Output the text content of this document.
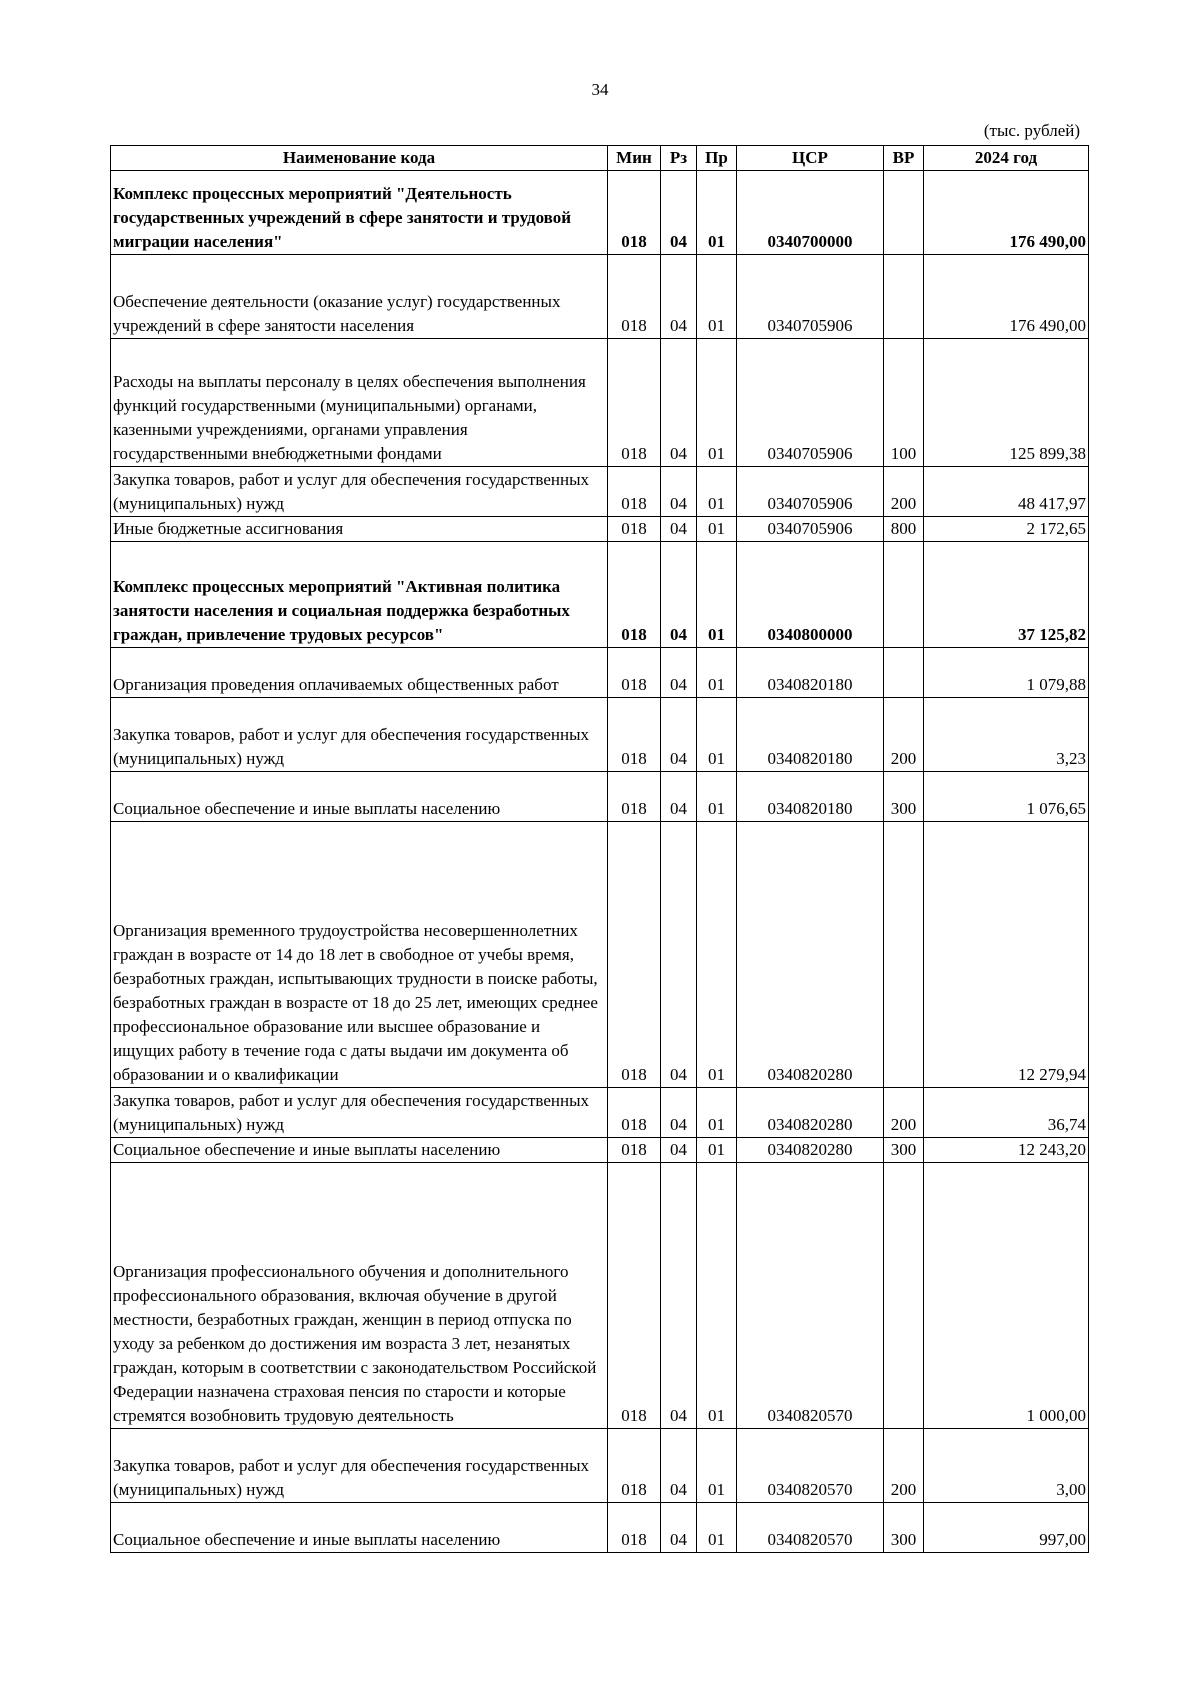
34
(тыс. рублей)
Наименование кода	Мин	Рз	Пр	ЦСР	ВР	2024 год
Комплекс процессных мероприятий "Деятельность государственных учреждений в сфере занятости и трудовой миграции населения"	018	04	01	0340700000		176 490,00
Обеспечение деятельности (оказание услуг) государственных учреждений в сфере занятости населения	018	04	01	0340705906		176 490,00
Расходы на выплаты персоналу в целях обеспечения выполнения функций государственными (муниципальными) органами, казенными учреждениями, органами управления государственными внебюджетными фондами	018	04	01	0340705906	100	125 899,38
Закупка товаров, работ и услуг для обеспечения государственных (муниципальных) нужд	018	04	01	0340705906	200	48 417,97
Иные бюджетные ассигнования	018	04	01	0340705906	800	2 172,65
Комплекс процессных мероприятий "Активная политика занятости населения и социальная поддержка безработных граждан, привлечение трудовых ресурсов"	018	04	01	0340800000		37 125,82
Организация проведения оплачиваемых общественных работ	018	04	01	0340820180		1 079,88
Закупка товаров, работ и услуг для обеспечения государственных (муниципальных) нужд	018	04	01	0340820180	200	3,23
Социальное обеспечение и иные выплаты населению	018	04	01	0340820180	300	1 076,65
Организация временного трудоустройства несовершеннолетних граждан в возрасте от 14 до 18 лет в свободное от учебы время, безработных граждан, испытывающих трудности в поиске работы, безработных граждан в возрасте от 18 до 25 лет, имеющих среднее профессиональное образование или высшее образование и ищущих работу в течение года с даты выдачи им документа об образовании и о квалификации	018	04	01	0340820280		12 279,94
Закупка товаров, работ и услуг для обеспечения государственных (муниципальных) нужд	018	04	01	0340820280	200	36,74
Социальное обеспечение и иные выплаты населению	018	04	01	0340820280	300	12 243,20
Организация профессионального обучения и дополнительного профессионального образования, включая обучение в другой местности, безработных граждан, женщин в период отпуска по уходу за ребенком до достижения им возраста 3 лет, незанятых граждан, которым в соответствии с законодательством Российской Федерации назначена страховая пенсия по старости и которые стремятся возобновить трудовую деятельность	018	04	01	0340820570		1 000,00
Закупка товаров, работ и услуг для обеспечения государственных (муниципальных) нужд	018	04	01	0340820570	200	3,00
Социальное обеспечение и иные выплаты населению	018	04	01	0340820570	300	997,00
